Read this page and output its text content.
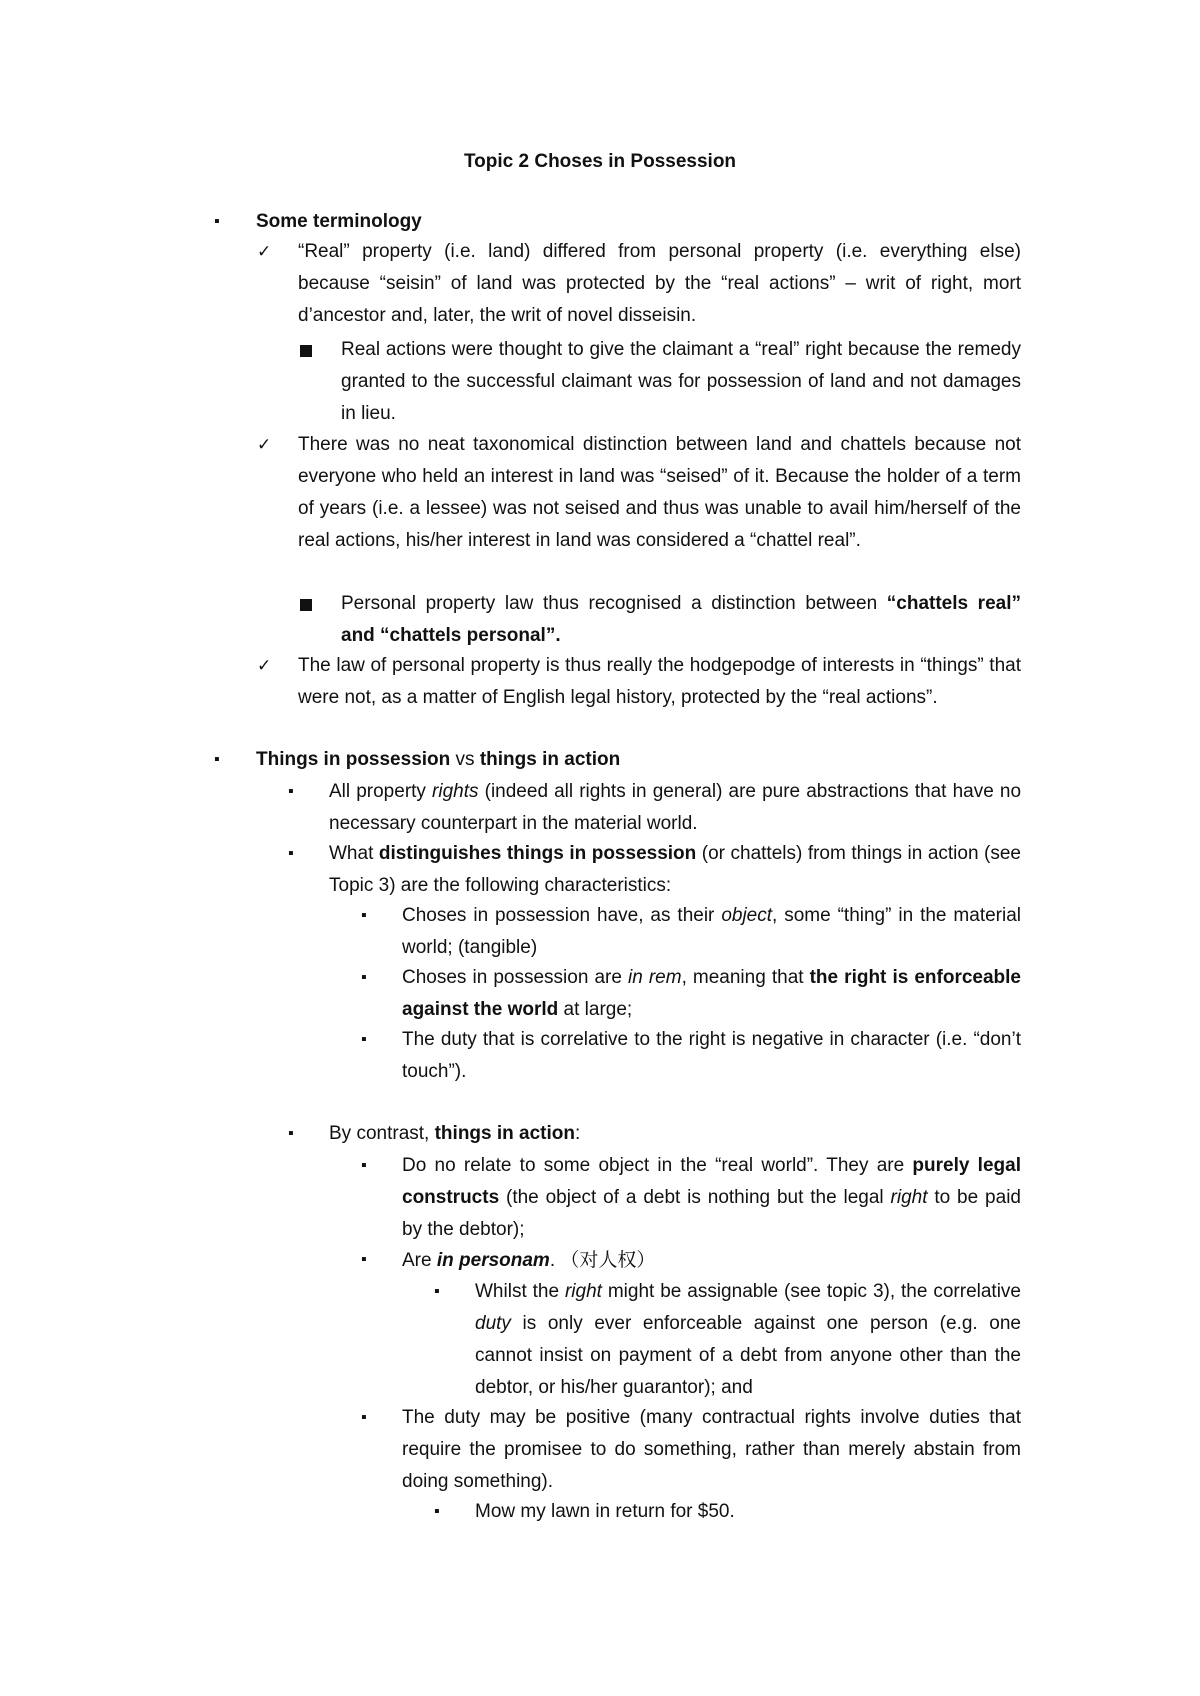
Topic 2 Choses in Possession
▪ Some terminology
✓ “Real” property (i.e. land) differed from personal property (i.e. everything else) because “seisin” of land was protected by the “real actions” – writ of right, mort d’ancestor and, later, the writ of novel disseisin.
Real actions were thought to give the claimant a “real” right because the remedy granted to the successful claimant was for possession of land and not damages in lieu.
✓ There was no neat taxonomical distinction between land and chattels because not everyone who held an interest in land was “seised” of it. Because the holder of a term of years (i.e. a lessee) was not seised and thus was unable to avail him/herself of the real actions, his/her interest in land was considered a “chattel real”.
Personal property law thus recognised a distinction between “chattels real” and “chattels personal”.
✓ The law of personal property is thus really the hodgepodge of interests in “things” that were not, as a matter of English legal history, protected by the “real actions”.
▪ Things in possession vs things in action
▪ All property rights (indeed all rights in general) are pure abstractions that have no necessary counterpart in the material world.
▪ What distinguishes things in possession (or chattels) from things in action (see Topic 3) are the following characteristics:
▪ Choses in possession have, as their object, some “thing” in the material world; (tangible)
▪ Choses in possession are in rem, meaning that the right is enforceable against the world at large;
▪ The duty that is correlative to the right is negative in character (i.e. “don’t touch”).
▪ By contrast, things in action:
▪ Do no relate to some object in the “real world”. They are purely legal constructs (the object of a debt is nothing but the legal right to be paid by the debtor);
▪ Are in personam. （对人权）
▪ Whilst the right might be assignable (see topic 3), the correlative duty is only ever enforceable against one person (e.g. one cannot insist on payment of a debt from anyone other than the debtor, or his/her guarantor); and
▪ The duty may be positive (many contractual rights involve duties that require the promisee to do something, rather than merely abstain from doing something).
▪ Mow my lawn in return for $50.
